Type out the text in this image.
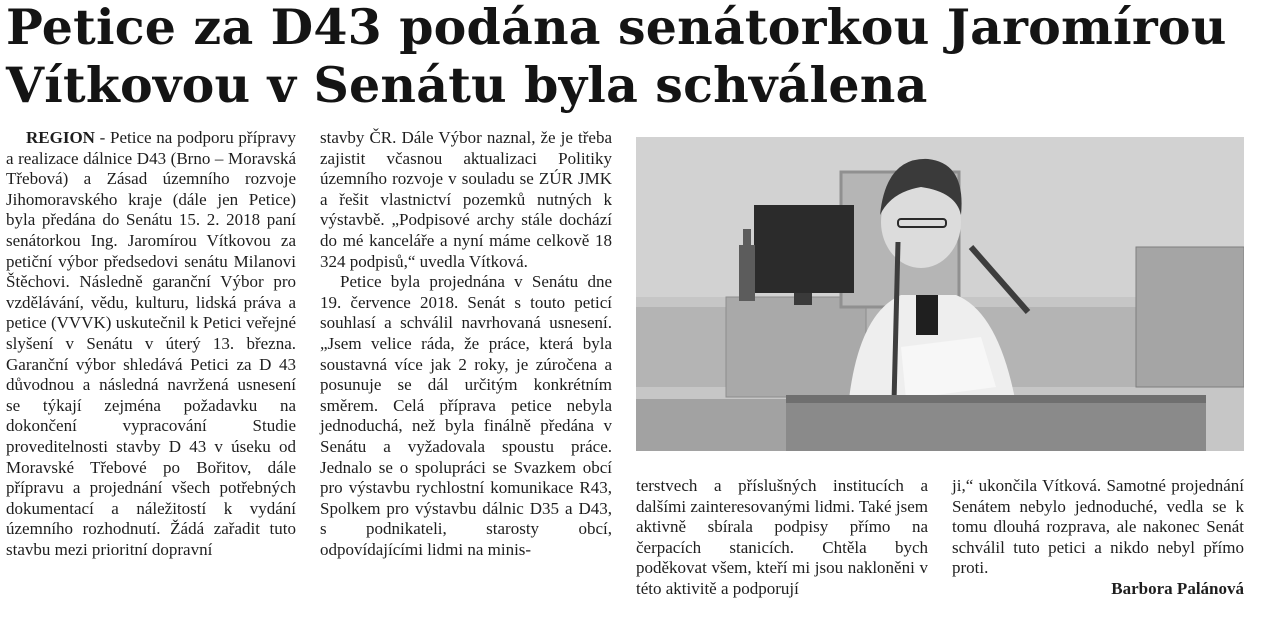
Petice za D43 podána senátorkou Jaromírou
Vítkovou v Senátu byla schválena

REGION - Petice na podporu přípravy a realizace dálnice D43 (Brno – Moravská Třebová) a Zásad územního rozvoje Jihomoravského kraje (dále jen Petice) byla předána do Senátu 15. 2. 2018 paní senátorkou Ing. Jaromírou Vítkovou za petiční výbor předsedovi senátu Milanovi Štěchovi. Následně garanční Výbor pro vzdělávání, vědu, kulturu, lidská práva a petice (VVVK) uskutečnil k Petici veřejné slyšení v Senátu v úterý 13. března. Garanční výbor shledává Petici za D 43 důvodnou a následná navržená usnesení se týkají zejména požadavku na dokončení vypracování Studie proveditelnosti stavby D 43 v úseku od Moravské Třebové po Bořitov, dále přípravu a projednání všech potřebných dokumentací a náležitostí k vydání územního rozhodnutí. Žádá zařadit tuto stavbu mezi prioritní dopravní

stavby ČR. Dále Výbor naznal, že je třeba zajistit včasnou aktualizaci Politiky územního rozvoje v souladu se ZÚR JMK a řešit vlastnictví pozemků nutných k výstavbě. „Podpisové archy stále dochází do mé kanceláře a nyní máme celkově 18 324 podpisů,“ uvedla Vítková.

Petice byla projednána v Senátu dne 19. července 2018. Senát s touto peticí souhlasí a schválil navrhovaná usnesení. „Jsem velice ráda, že práce, která byla soustavná více jak 2 roky, je zúročena a posunuje se dál určitým konkrétním směrem. Celá příprava petice nebyla jednoduchá, než byla finálně předána v Senátu a vyžadovala spoustu práce. Jednalo se o spolupráci se Svazkem obcí pro výstavbu rychlostní komunikace R43, Spolkem pro výstavbu dálnic D35 a D43, s podnikateli, starosty obcí, odpovídajícími lidmi na minis-

terstvech a příslušných institucích a dalšími zainteresovanými lidmi. Také jsem aktivně sbírala podpisy přímo na čerpacích stanicích. Chtěla bych poděkovat všem, kteří mi jsou nakloněni v této aktivitě a podporují

ji,“ ukončila Vítková. Samotné projednání Senátem nebylo jednoduché, vedla se k tomu dlouhá rozprava, ale nakonec Senát schválil tuto petici a nikdo nebyl přímo proti.

Barbora Palánová
